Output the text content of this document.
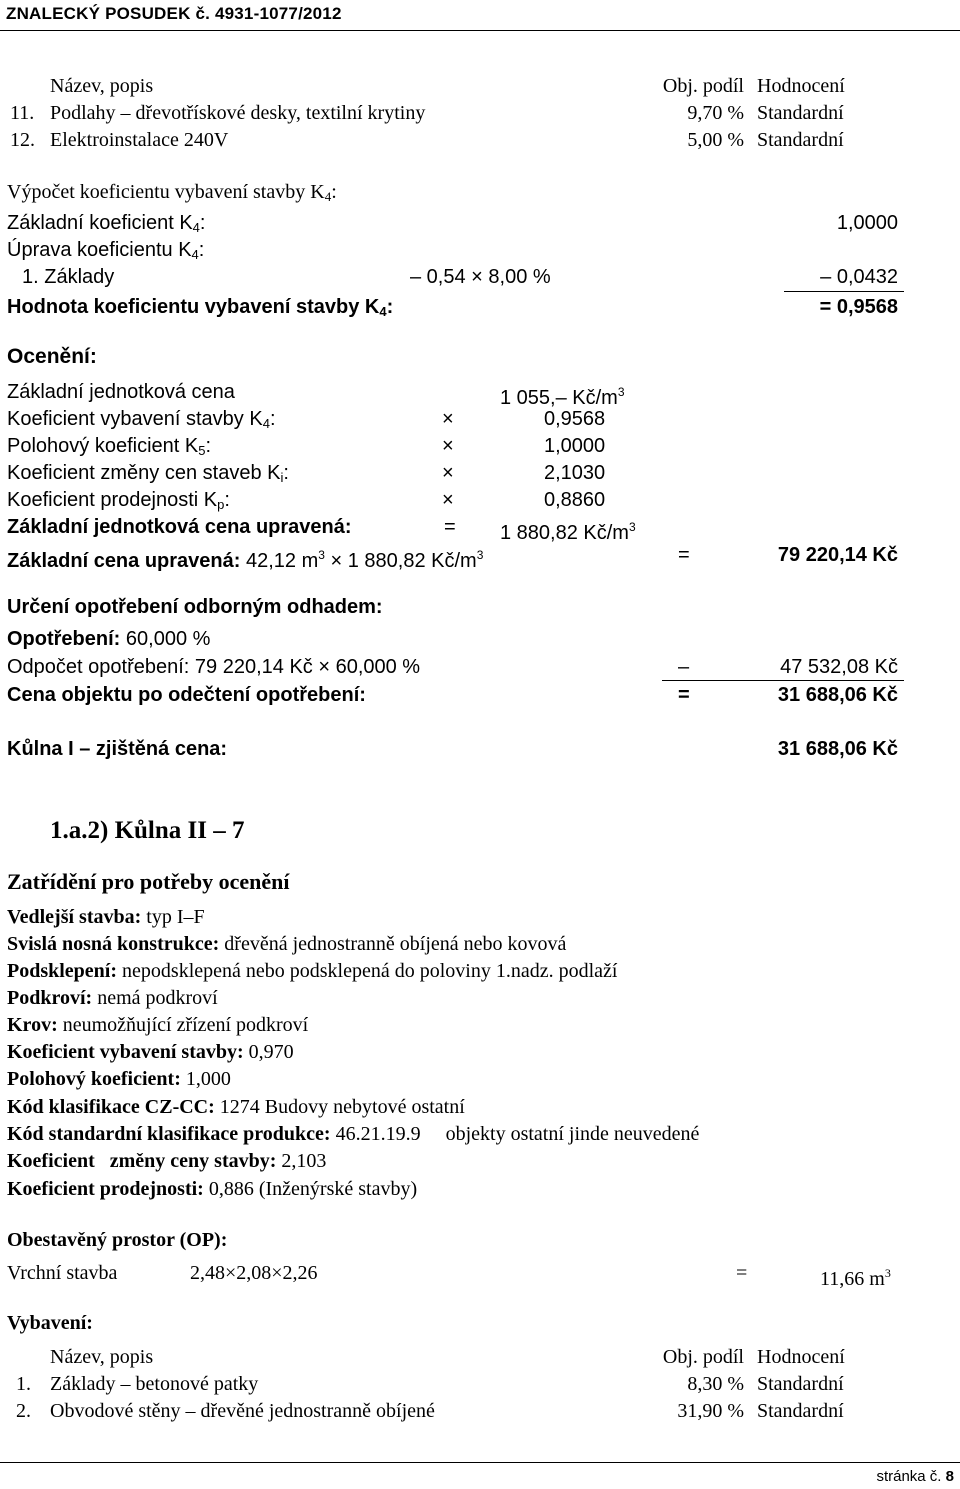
ZNALECKÝ POSUDEK č. 4931-1077/2012
Název, popis	Obj. podíl Hodnocení
11. Podlahy – dřevotřískové desky, textilní krytiny	9,70 % Standardní
12. Elektroinstalace 240V	5,00 % Standardní
Výpočet koeficientu vybavení stavby K4:
Základní koeficient K4:	1,0000
Úprava koeficientu K4:
1. Základy	– 0,54 × 8,00 %	– 0,0432
Hodnota koeficientu vybavení stavby K4:	= 0,9568
Ocenění:
Základní jednotková cena	1 055,– $Kč/m^3$
Koeficient vybavení stavby K4:	×	0,9568
Polohový koeficient K5:	×	1,0000
Koeficient změny cen staveb Ki:	×	2,1030
Koeficient prodejnosti Kp:	×	0,8860
Základní jednotková cena upravená:	= 1 880,82 $Kč/m^3$
Základní cena upravená: 42,12 $m^3 \times 1$ 880,82 $Kč/m^3$	=	79 220,14 Kč
Určení opotřebení odborným odhadem:
Opotřebení: 60,000 %
Odpočet opotřebení: 79 220,14 Kč × 60,000 %	–	47 532,08 Kč
Cena objektu po odečtení opotřebení:	=	31 688,06 Kč
Kůlna I – zjištěná cena:	31 688,06 Kč
1.a.2) Kůlna II – 7
Zatřídění pro potřeby ocenění
Vedlejší stavba: typ I–F
Svislá nosná konstrukce: dřevěná jednostranně obíjená nebo kovová
Podsklepení: nepodsklepená nebo podsklepená do poloviny 1.nadz. podlaží
Podkroví: nemá podkroví
Krov: neumožňující zřízení podkroví
Koeficient vybavení stavby: 0,970
Polohový koeficient: 1,000
Kód klasifikace CZ-CC: 1274 Budovy nebytové ostatní
Kód standardní klasifikace produkce: 46.21.19.9     objekty ostatní jinde neuvedené
Koeficient   změny ceny stavby: 2,103
Koeficient prodejnosti: 0,886 (Inženýrské stavby)
Obestavěný prostor (OP):
Vrchní stavba	2,48×2,08×2,26	=	11,66 $m^3$
Vybavení:
Název, popis	Obj. podíl Hodnocení
1. Základy – betonové patky	8,30 % Standardní
2. Obvodové stěny – dřevěné jednostranně obíjené	31,90 % Standardní
stránka č. 8
